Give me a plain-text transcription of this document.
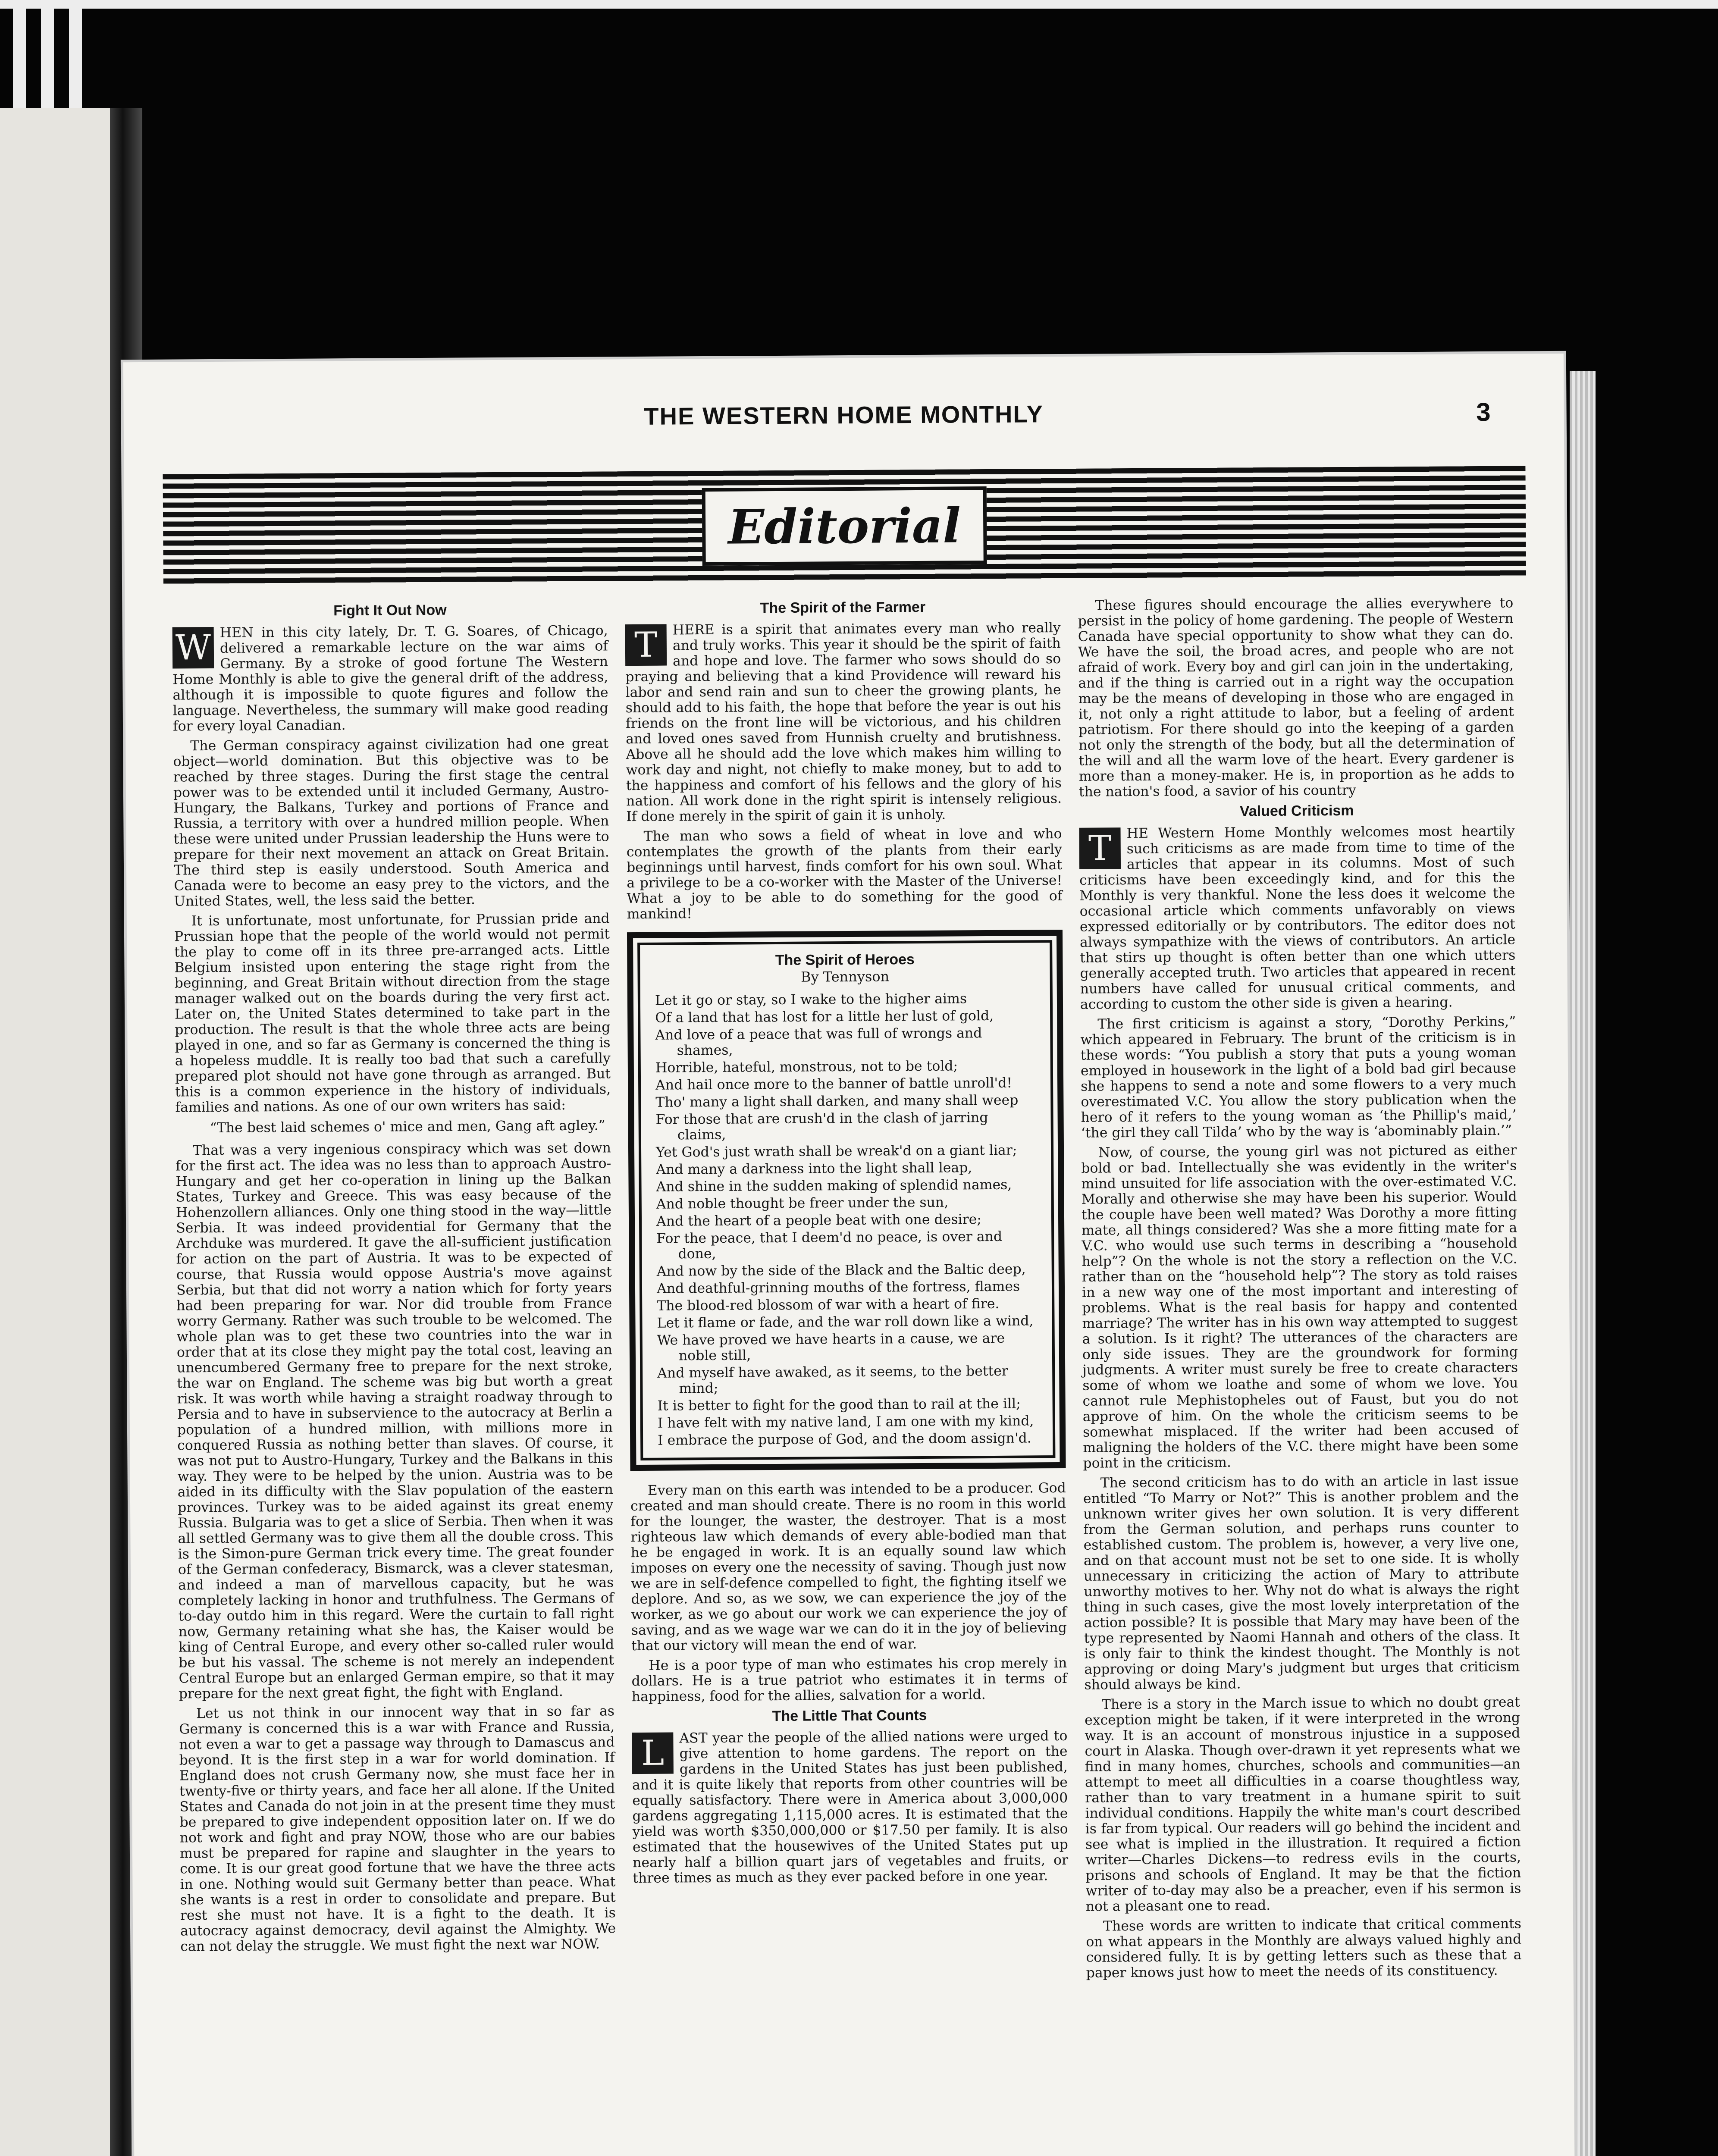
THE WESTERN HOME MONTHLY	3
Editorial
Fight It Out Now

W HEN in this city lately, Dr. T. G. Soares, of Chicago, delivered a remarkable lecture on the war aims of Germany. By a stroke of good fortune The Western Home Monthly is able to give the general drift of the address, although it is impossible to quote figures and follow the language. Nevertheless, the summary will make good reading for every loyal Canadian.

The German conspiracy against civilization had one great object—world domination. But this objective was to be reached by three stages. During the first stage the central power was to be extended until it included Germany, Austro-Hungary, the Balkans, Turkey and portions of France and Russia, a territory with over a hundred million people. When these were united under Prussian leadership the Huns were to prepare for their next movement an attack on Great Britain. The third step is easily understood. South America and Canada were to become an easy prey to the victors, and the United States, well, the less said the better.

It is unfortunate, most unfortunate, for Prussian pride and Prussian hope that the people of the world would not permit the play to come off in its three pre-arranged acts. Little Belgium insisted upon entering the stage right from the beginning, and Great Britain without direction from the stage manager walked out on the boards during the very first act. Later on, the United States determined to take part in the production. The result is that the whole three acts are being played in one, and so far as Germany is concerned the thing is a hopeless muddle. It is really too bad that such a carefully prepared plot should not have gone through as arranged. But this is a common experience in the history of individuals, families and nations. As one of our own writers has said:

“The best laid schemes o' mice and men, Gang aft agley.”

That was a very ingenious conspiracy which was set down for the first act. The idea was no less than to approach Austro-Hungary and get her co-operation in lining up the Balkan States, Turkey and Greece. This was easy because of the Hohenzollern alliances. Only one thing stood in the way—little Serbia. It was indeed providential for Germany that the Archduke was murdered. It gave the all-sufficient justification for action on the part of Austria. It was to be expected of course, that Russia would oppose Austria's move against Serbia, but that did not worry a nation which for forty years had been preparing for war. Nor did trouble from France worry Germany. Rather was such trouble to be welcomed. The whole plan was to get these two countries into the war in order that at its close they might pay the total cost, leaving an unencumbered Germany free to prepare for the next stroke, the war on England. The scheme was big but worth a great risk. It was worth while having a straight roadway through to Persia and to have in subservience to the autocracy at Berlin a population of a hundred million, with millions more in conquered Russia as nothing better than slaves. Of course, it was not put to Austro-Hungary, Turkey and the Balkans in this way. They were to be helped by the union. Austria was to be aided in its difficulty with the Slav population of the eastern provinces. Turkey was to be aided against its great enemy Russia. Bulgaria was to get a slice of Serbia. Then when it was all settled Germany was to give them all the double cross. This is the Simon-pure German trick every time. The great founder of the German confederacy, Bismarck, was a clever statesman, and indeed a man of marvellous capacity, but he was completely lacking in honor and truthfulness. The Germans of to-day outdo him in this regard. Were the curtain to fall right now, Germany retaining what she has, the Kaiser would be king of Central Europe, and every other so-called ruler would be but his vassal. The scheme is not merely an independent Central Europe but an enlarged German empire, so that it may prepare for the next great fight, the fight with England.

Let us not think in our innocent way that in so far as Germany is concerned this is a war with France and Russia, not even a war to get a passage way through to Damascus and beyond. It is the first step in a war for world domination. If England does not crush Germany now, she must face her in twenty-five or thirty years, and face her all alone. If the United States and Canada do not join in at the present time they must be prepared to give independent opposition later on. If we do not work and fight and pray NOW, those who are our babies must be prepared for rapine and slaughter in the years to come. It is our great good fortune that we have the three acts in one. Nothing would suit Germany better than peace. What she wants is a rest in order to consolidate and prepare. But rest she must not have. It is a fight to the death. It is autocracy against democracy, devil against the Almighty. We can not delay the struggle. We must fight the next war NOW.

The Spirit of the Farmer

T	HERE is a spirit that animates every man who really and truly works. This year it should be the spirit of faith and hope and love. The farmer who sows should do so praying and believing that a kind Providence will reward his labor and send rain and sun to cheer the growing plants, he should add to his faith, the hope that before the year is out his friends on the front line will be victorious, and his children and loved ones saved from Hunnish cruelty and brutishness. Above all he should add the love which makes him willing to work day and night, not chiefly to make money, but to add to the happiness and comfort of his fellows and the glory of his nation. All work done in the right spirit is intensely religious. If done merely in the spirit of gain it is unholy.

The man who sows a field of wheat in love and who contemplates the growth of the plants from their early beginnings until harvest, finds comfort for his own soul. What a privilege to be a co-worker with the Master of the Universe! What a joy to be able to do something for the good of mankind!

The Spirit of Heroes
By Tennyson
Let it go or stay, so I wake to the higher aims
Of a land that has lost for a little her lust of gold,
And love of a peace that was full of wrongs and shames,
Horrible, hateful, monstrous, not to be told;
And hail once more to the banner of battle unroll'd!
Tho' many a light shall darken, and many shall weep
For those that are crush'd in the clash of jarring claims,
Yet God's just wrath shall be wreak'd on a giant liar;
And many a darkness into the light shall leap,
And shine in the sudden making of splendid names,
And noble thought be freer under the sun,
And the heart of a people beat with one desire;
For the peace, that I deem'd no peace, is over and done,
And now by the side of the Black and the Baltic deep,
And deathful-grinning mouths of the fortress, flames
The blood-red blossom of war with a heart of fire.
Let it flame or fade, and the war roll down like a wind,
We have proved we have hearts in a cause, we are noble still,
And myself have awaked, as it seems, to the better mind;
It is better to fight for the good than to rail at the ill;
I have felt with my native land, I am one with my kind,
I embrace the purpose of God, and the doom assign'd.

Every man on this earth was intended to be a producer. God created and man should create. There is no room in this world for the lounger, the waster, the destroyer. That is a most righteous law which demands of every able-bodied man that he be engaged in work. It is an equally sound law which imposes on every one the necessity of saving. Though just now we are in self-defence compelled to fight, the fighting itself we deplore. And so, as we sow, we can experience the joy of the worker, as we go about our work we can experience the joy of saving, and as we wage war we can do it in the joy of believing that our victory will mean the end of war.

He is a poor type of man who estimates his crop merely in dollars. He is a true patriot who estimates it in terms of happiness, food for the allies, salvation for a world.

The Little That Counts

L	AST year the people of the allied nations were urged to give attention to home gardens. The report on the gardens in the United States has just been published, and it is quite likely that reports from other countries will be equally satisfactory. There were in America about 3,000,000 gardens aggregating 1,115,000 acres. It is estimated that the yield was worth $350,000,000 or $17.50 per family. It is also estimated that the housewives of the United States put up nearly half a billion quart jars of vegetables and fruits, or three times as much as they ever packed before in one year.

These figures should encourage the allies everywhere to persist in the policy of home gardening. The people of Western Canada have special opportunity to show what they can do. We have the soil, the broad acres, and people who are not afraid of work. Every boy and girl can join in the undertaking, and if the thing is carried out in a right way the occupation may be the means of developing in those who are engaged in it, not only a right attitude to labor, but a feeling of ardent patriotism. For there should go into the keeping of a garden not only the strength of the body, but all the determination of the will and all the warm love of the heart. Every gardener is more than a money-maker. He is, in proportion as he adds to the nation's food, a savior of his country

Valued Criticism

T	HE Western Home Monthly welcomes most heartily such criticisms as are made from time to time of the articles that appear in its columns. Most of such criticisms have been exceedingly kind, and for this the Monthly is very thankful. None the less does it welcome the occasional article which comments unfavorably on views expressed editorially or by contributors. The editor does not always sympathize with the views of contributors. An article that stirs up thought is often better than one which utters generally accepted truth. Two articles that appeared in recent numbers have called for unusual critical comments, and according to custom the other side is given a hearing.

The first criticism is against a story, “Dorothy Perkins,” which appeared in February. The brunt of the criticism is in these words: “You publish a story that puts a young woman employed in housework in the light of a bold bad girl because she happens to send a note and some flowers to a very much overestimated V.C. You allow the story publication when the hero of it refers to the young woman as ‘the Phillip's maid,’ ‘the girl they call Tilda’ who by the way is ‘abominably plain.’”

Now, of course, the young girl was not pictured as either bold or bad. Intellectually she was evidently in the writer's mind unsuited for life association with the over-estimated V.C. Morally and otherwise she may have been his superior. Would the couple have been well mated? Was Dorothy a more fitting mate, all things considered? Was she a more fitting mate for a V.C. who would use such terms in describing a “household help”? On the whole is not the story a reflection on the V.C. rather than on the “household help”? The story as told raises in a new way one of the most important and interesting of problems. What is the real basis for happy and contented marriage? The writer has in his own way attempted to suggest a solution. Is it right? The utterances of the characters are only side issues. They are the groundwork for forming judgments. A writer must surely be free to create characters some of whom we loathe and some of whom we love. You cannot rule Mephistopheles out of Faust, but you do not approve of him. On the whole the criticism seems to be somewhat misplaced. If the writer had been accused of maligning the holders of the V.C. there might have been some point in the criticism.

The second criticism has to do with an article in last issue entitled “To Marry or Not?” This is another problem and the unknown writer gives her own solution. It is very different from the German solution, and perhaps runs counter to established custom. The problem is, however, a very live one, and on that account must not be set to one side. It is wholly unnecessary in criticizing the action of Mary to attribute unworthy motives to her. Why not do what is always the right thing in such cases, give the most lovely interpretation of the action possible? It is possible that Mary may have been of the type represented by Naomi Hannah and others of the class. It is only fair to think the kindest thought. The Monthly is not approving or doing Mary's judgment but urges that criticism should always be kind.

There is a story in the March issue to which no doubt great exception might be taken, if it were interpreted in the wrong way. It is an account of monstrous injustice in a supposed court in Alaska. Though over-drawn it yet represents what we find in many homes, churches, schools and communities—an attempt to meet all difficulties in a coarse thoughtless way, rather than to vary treatment in a humane spirit to suit individual conditions. Happily the white man's court described is far from typical. Our readers will go behind the incident and see what is implied in the illustration. It required a fiction writer—Charles Dickens—to redress evils in the courts, prisons and schools of England. It may be that the fiction writer of to-day may also be a preacher, even if his sermon is not a pleasant one to read.

These words are written to indicate that critical comments on what appears in the Monthly are always valued highly and considered fully. It is by getting letters such as these that a paper knows just how to meet the needs of its constituency.
